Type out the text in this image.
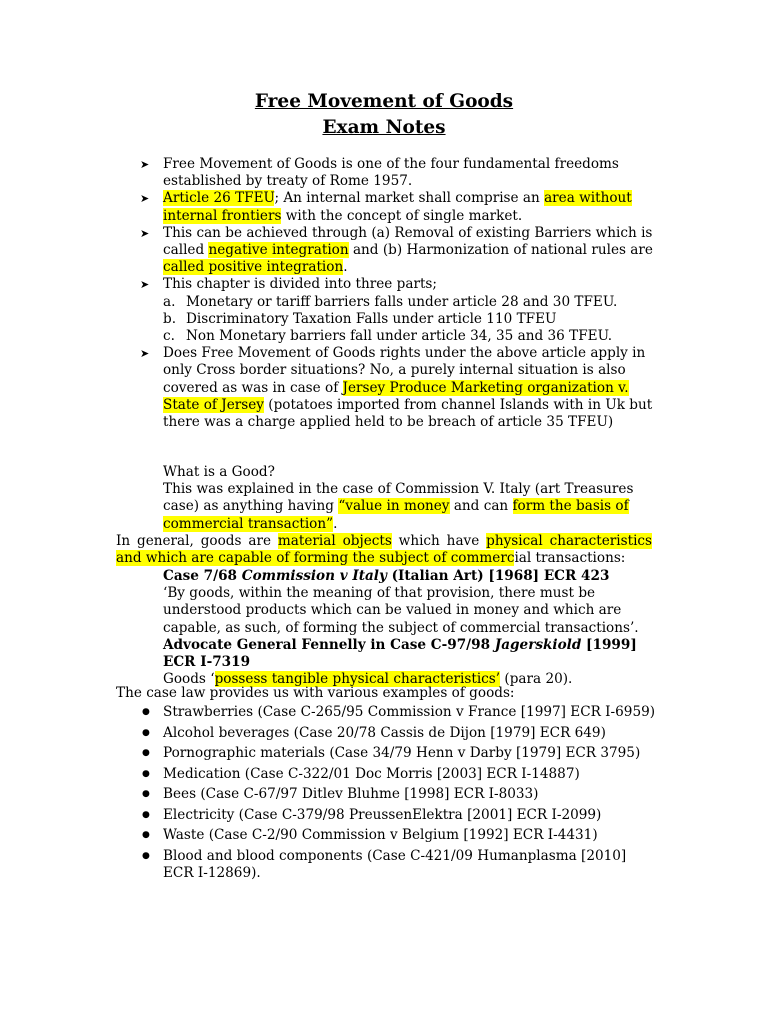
Free Movement of Goods
Exam Notes
➤ Free Movement of Goods is one of the four fundamental freedoms established by treaty of Rome 1957.
➤ Article 26 TFEU; An internal market shall comprise an area without internal frontiers with the concept of single market.
➤ This can be achieved through (a) Removal of existing Barriers which is called negative integration and (b) Harmonization of national rules are called positive integration.
➤ This chapter is divided into three parts;
a. Monetary or tariff barriers falls under article 28 and 30 TFEU.
b. Discriminatory Taxation Falls under article 110 TFEU
c. Non Monetary barriers fall under article 34, 35 and 36 TFEU.
➤ Does Free Movement of Goods rights under the above article apply in only Cross border situations? No, a purely internal situation is also covered as was in case of Jersey Produce Marketing organization v. State of Jersey (potatoes imported from channel Islands with in Uk but there was a charge applied held to be breach of article 35 TFEU)
What is a Good?
This was explained in the case of Commission V. Italy (art Treasures case) as anything having “value in money and can form the basis of commercial transaction”.
In general, goods are material objects which have physical characteristics and which are capable of forming the subject of commercial transactions:
Case 7/68 Commission v Italy (Italian Art) [1968] ECR 423
‘By goods, within the meaning of that provision, there must be understood products which can be valued in money and which are capable, as such, of forming the subject of commercial transactions’.
Advocate General Fennelly in Case C-97/98 Jagerskiold [1999] ECR I-7319
Goods ‘possess tangible physical characteristics’ (para 20).
The case law provides us with various examples of goods:
● Strawberries (Case C-265/95 Commission v France [1997] ECR I-6959)
● Alcohol beverages (Case 20/78 Cassis de Dijon [1979] ECR 649)
● Pornographic materials (Case 34/79 Henn v Darby [1979] ECR 3795)
● Medication (Case C-322/01 Doc Morris [2003] ECR I-14887)
● Bees (Case C-67/97 Ditlev Bluhme [1998] ECR I-8033)
● Electricity (Case C-379/98 PreussenElektra [2001] ECR I-2099)
● Waste (Case C-2/90 Commission v Belgium [1992] ECR I-4431)
● Blood and blood components (Case C-421/09 Humanplasma [2010] ECR I-12869).
